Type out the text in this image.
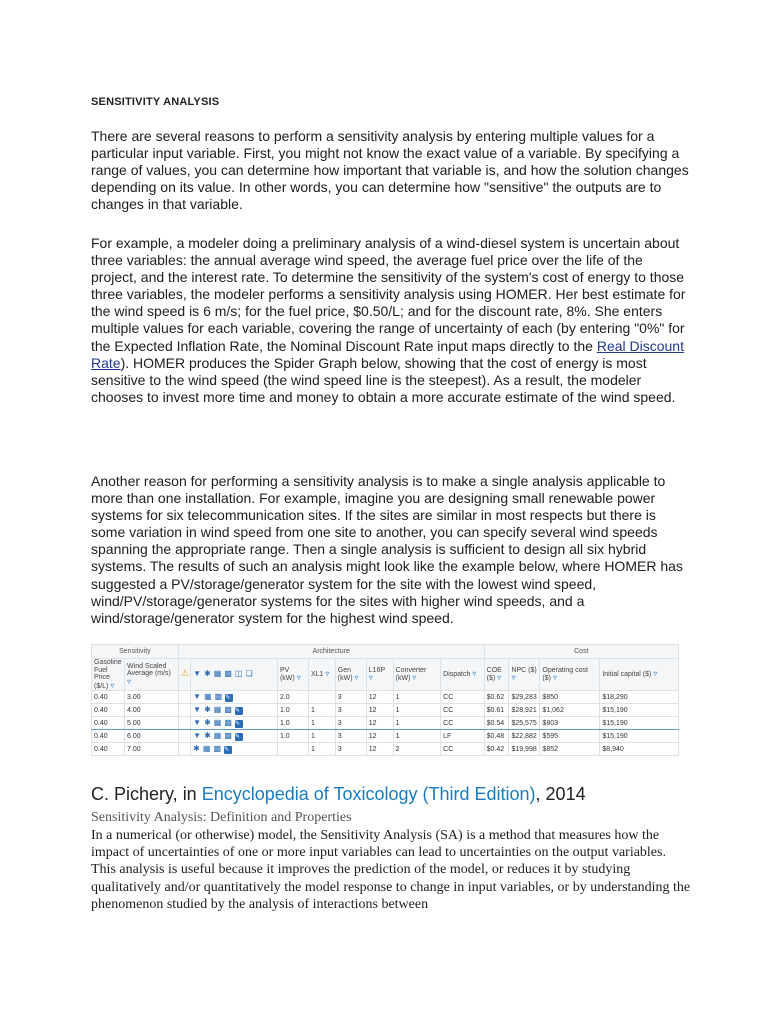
SENSITIVITY ANALYSIS

There are several reasons to perform a sensitivity analysis by entering multiple values for a particular input variable. First, you might not know the exact value of a variable. By specifying a range of values, you can determine how important that variable is, and how the solution changes depending on its value. In other words, you can determine how "sensitive" the outputs are to changes in that variable.

For example, a modeler doing a preliminary analysis of a wind-diesel system is uncertain about three variables: the annual average wind speed, the average fuel price over the life of the project, and the interest rate. To determine the sensitivity of the system's cost of energy to those three variables, the modeler performs a sensitivity analysis using HOMER. Her best estimate for the wind speed is 6 m/s; for the fuel price, $0.50/L; and for the discount rate, 8%. She enters multiple values for each variable, covering the range of uncertainty of each (by entering "0%" for the Expected Inflation Rate, the Nominal Discount Rate input maps directly to the Real Discount Rate). HOMER produces the Spider Graph below, showing that the cost of energy is most sensitive to the wind speed (the wind speed line is the steepest). As a result, the modeler chooses to invest more time and money to obtain a more accurate estimate of the wind speed.

Another reason for performing a sensitivity analysis is to make a single analysis applicable to more than one installation. For example, imagine you are designing small renewable power systems for six telecommunication sites. If the sites are similar in most respects but there is some variation in wind speed from one site to another, you can specify several wind speeds spanning the appropriate range. Then a single analysis is sufficient to design all six hybrid systems. The results of such an analysis might look like the example below, where HOMER has suggested a PV/storage/generator system for the site with the lowest wind speed, wind/PV/storage/generator systems for the sites with higher wind speeds, and a wind/storage/generator system for the highest wind speed.

Sensitivity		Architecture								Cost			
Gasoline Fuel Price ($/L) ▿	Wind Scaled Average (m/s) ▿	⚠	▼✱▦▩◫❏	PV (kW) ▿	XL1 ▿	Gen (kW) ▿	L16P ▿	Converter (kW) ▿	Dispatch ▿	COE ($) ▿	NPC ($) ▿	Operating cost ($) ▿	Initial capital ($) ▿
0.40	3.00		▼▦▩✎	2.0		3	12	1	CC	$0.62	$29,283	$850	$18,290
0.40	4.00		▼✱▦▩✎	1.0	1	3	12	1	CC	$0.61	$28,921	$1,062	$15,190
0.40	5.00		▼✱▦▩✎	1.0	1	3	12	1	CC	$0.54	$25,575	$803	$15,190
0.40	6.00		▼✱▦▩✎	1.0	1	3	12	1	LF	$0.48	$22,882	$595	$15,190
0.40	7.00		✱▦▩✎		1	3	12	2	CC	$0.42	$19,998	$852	$8,940
C. Pichery, in Encyclopedia of Toxicology (Third Edition), 2014
Sensitivity Analysis: Definition and Properties

In a numerical (or otherwise) model, the Sensitivity Analysis (SA) is a method that measures how the impact of uncertainties of one or more input variables can lead to uncertainties on the output variables. This analysis is useful because it improves the prediction of the model, or reduces it by studying qualitatively and/or quantitatively the model response to change in input variables, or by understanding the phenomenon studied by the analysis of interactions between
